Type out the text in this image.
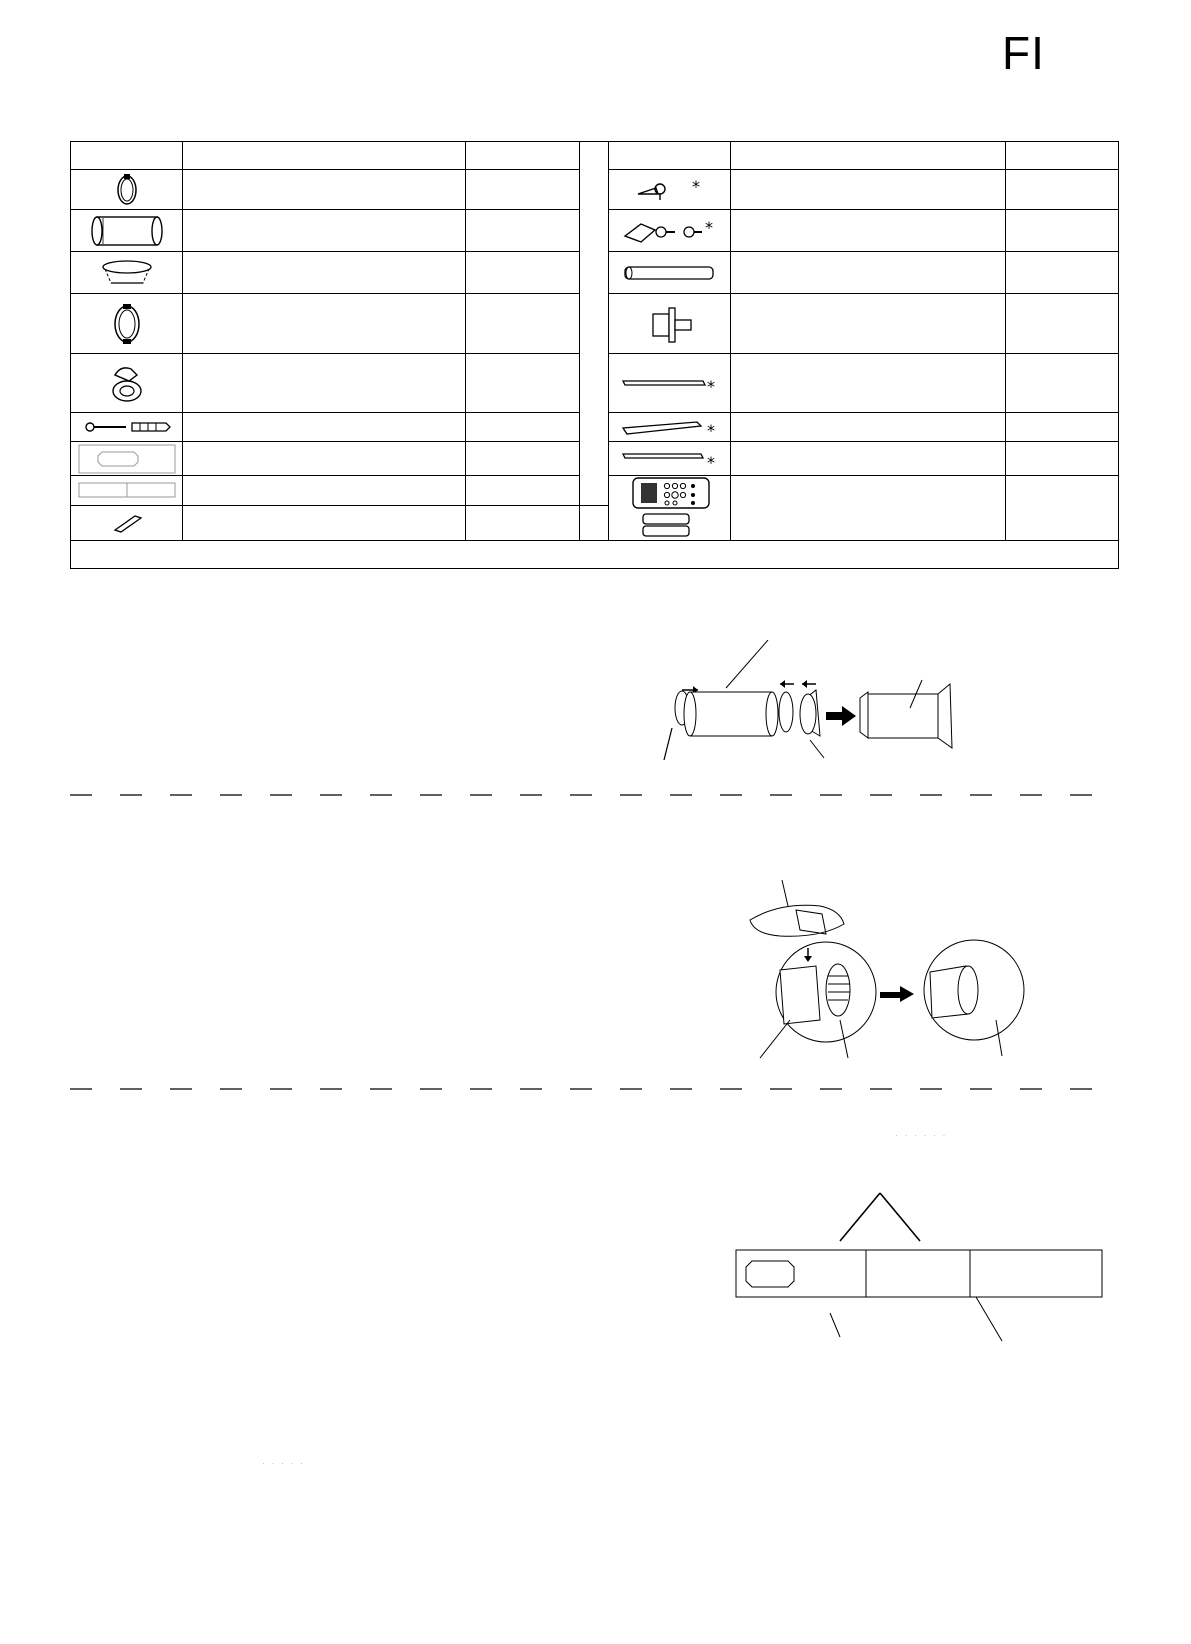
FI

*		

*		

*		

*		

*		

· · · · · ·
· · · · ·
